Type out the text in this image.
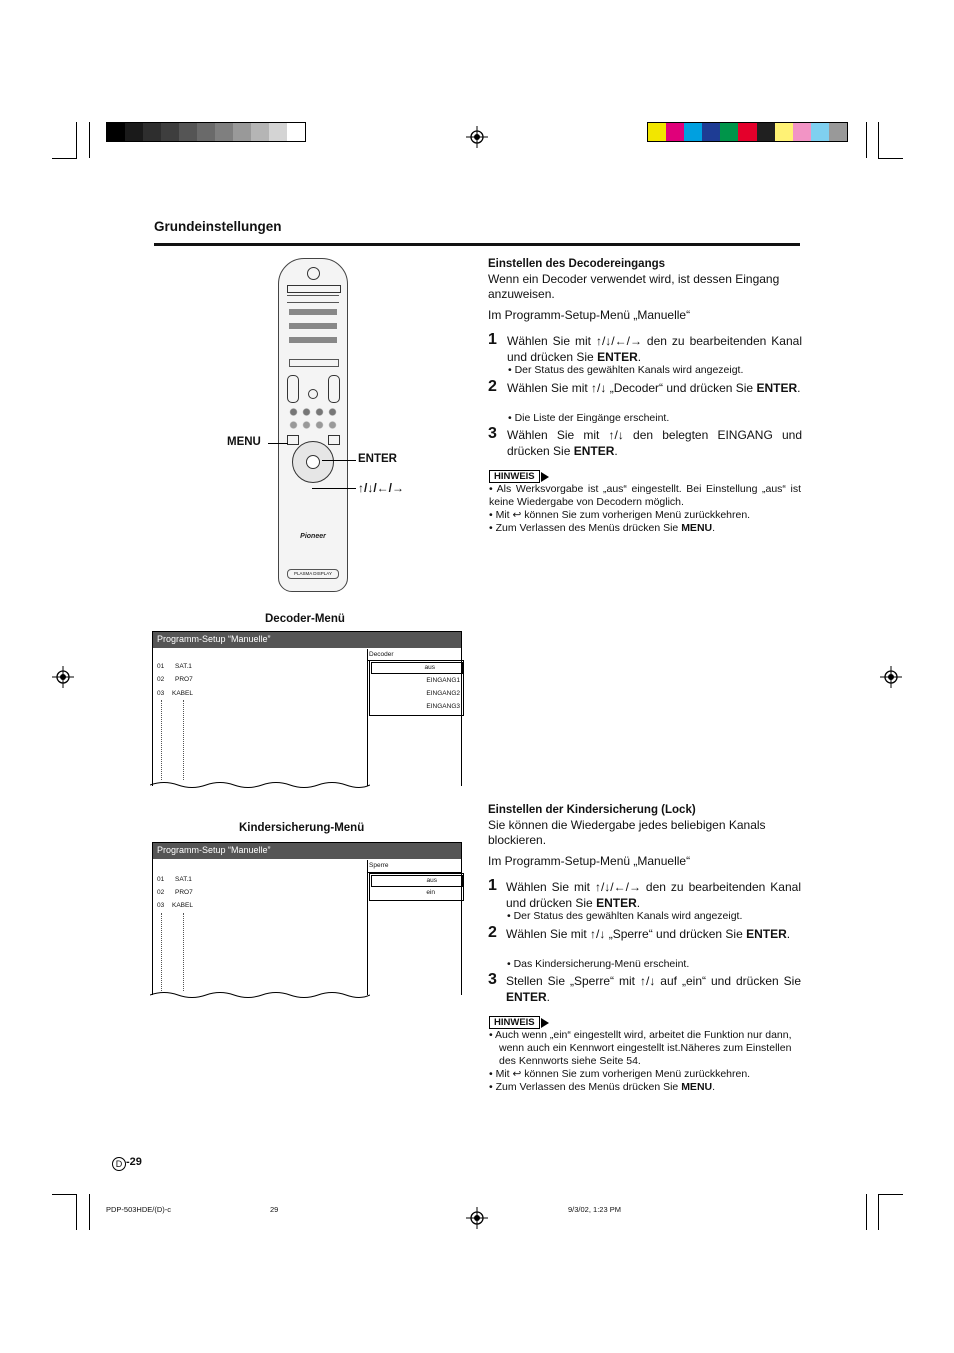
Grundeinstellungen
Pioneer
PLASMA DISPLAY
MENU
ENTER
↑/↓/←/→
Einstellen des Decodereingangs
Wenn ein Decoder verwendet wird, ist dessen Eingang anzuweisen.
Im Programm-Setup-Menü „Manuelle“
1 Wählen Sie mit ↑/↓/←/→ den zu bearbeitenden Kanal und drücken Sie ENTER.
• Der Status des gewählten Kanals wird angezeigt.
2 Wählen Sie mit ↑/↓ „Decoder“ und drücken Sie ENTER.
• Die Liste der Eingänge erscheint.
3 Wählen Sie mit ↑/↓ den belegten EINGANG und drücken Sie ENTER.
HINWEIS
• Als Werksvorgabe ist „aus“ eingestellt. Bei Einstellung „aus“ ist keine Wiedergabe von Decodern möglich.
• Mit ↩ können Sie zum vorherigen Menü zurückkehren.
• Zum Verlassen des Menüs drücken Sie MENU.
Decoder-Menü
Programm-Setup “Manuelle”
Decoder
01 SAT.1
02 PRO7
03 KABEL
aus
EINGANG1
EINGANG2
EINGANG3
Einstellen der Kindersicherung (Lock)
Sie können die Wiedergabe jedes beliebigen Kanals blockieren.
Im Programm-Setup-Menü „Manuelle“
1 Wählen Sie mit ↑/↓/←/→ den zu bearbeitenden Kanal und drücken Sie ENTER.
• Der Status des gewählten Kanals wird angezeigt.
2 Wählen Sie mit ↑/↓ „Sperre“ und drücken Sie ENTER.
• Das Kindersicherung-Menü erscheint.
3 Stellen Sie „Sperre“ mit ↑/↓ auf „ein“ und drücken Sie ENTER.
HINWEIS
• Auch wenn „ein“ eingestellt wird, arbeitet die Funktion nur dann, wenn auch ein Kennwort eingestellt ist.Näheres zum Einstellen des Kennworts siehe Seite 54.
• Mit ↩ können Sie zum vorherigen Menü zurückkehren.
• Zum Verlassen des Menüs drücken Sie MENU.
Kindersicherung-Menü
Programm-Setup “Manuelle”
Sperre
01 SAT.1
02 PRO7
03 KABEL
aus
ein
D -29
PDP-503HDE/(D)-c	29	9/3/02, 1:23 PM
